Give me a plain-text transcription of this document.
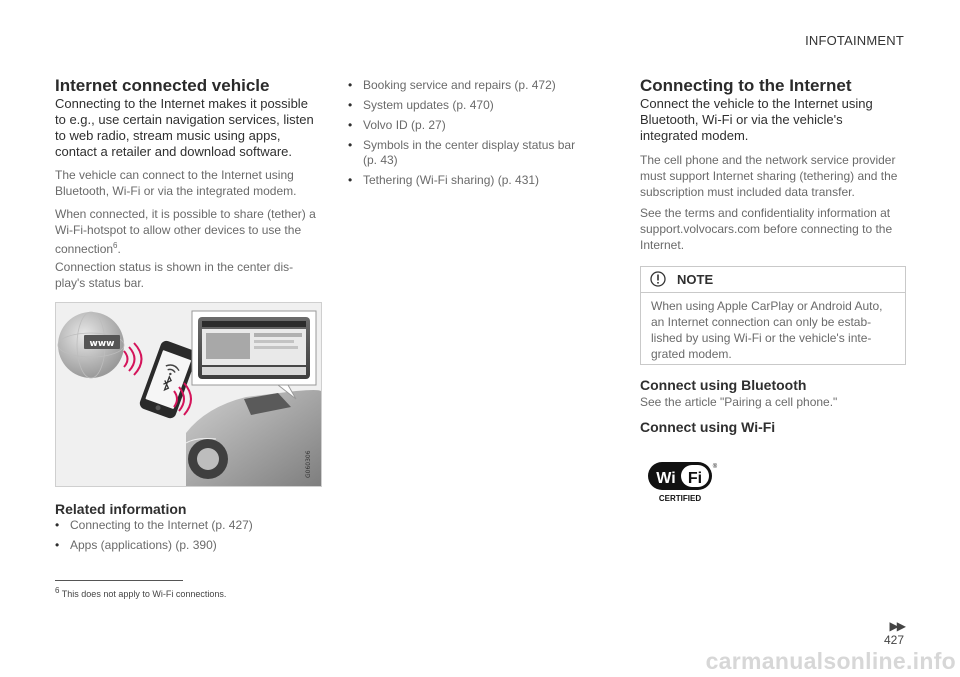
INFOTAINMENT
Internet connected vehicle

Connecting to the Internet makes it possible to e.g., use certain navigation services, listen to web radio, stream music using apps, contact a retailer and download software.

The vehicle can connect to the Internet using Bluetooth, Wi-Fi or via the integrated modem.

When connected, it is possible to share (tether) a Wi-Fi-hotspot to allow other devices to use the connection$^6$.

Connection status is shown in the center dis-play's status bar.

www
G060306
Related information
• Connecting to the Internet (p. 427)
• Apps (applications) (p. 390)
• Booking service and repairs (p. 472)
• System updates (p. 470)
• Volvo ID (p. 27)
• Symbols in the center display status bar (p. 43)
• Tethering (Wi-Fi sharing) (p. 431)
Connecting to the Internet

Connect the vehicle to the Internet using Bluetooth, Wi-Fi or via the vehicle's integrated modem.

The cell phone and the network service provider must support Internet sharing (tethering) and the subscription must included data transfer.

See the terms and confidentiality information at support.volvocars.com before connecting to the Internet.

NOTE
When using Apple CarPlay or Android Auto, an Internet connection can only be estab-lished by using Wi-Fi or the vehicle's inte-grated modem.
Connect using Bluetooth

See the article "Pairing a cell phone."

Connect using Wi-Fi
Wi Fi
®
CERTIFIED
$^6$ This does not apply to Wi-Fi connections.
▶▶
427
carmanualsonline.info
